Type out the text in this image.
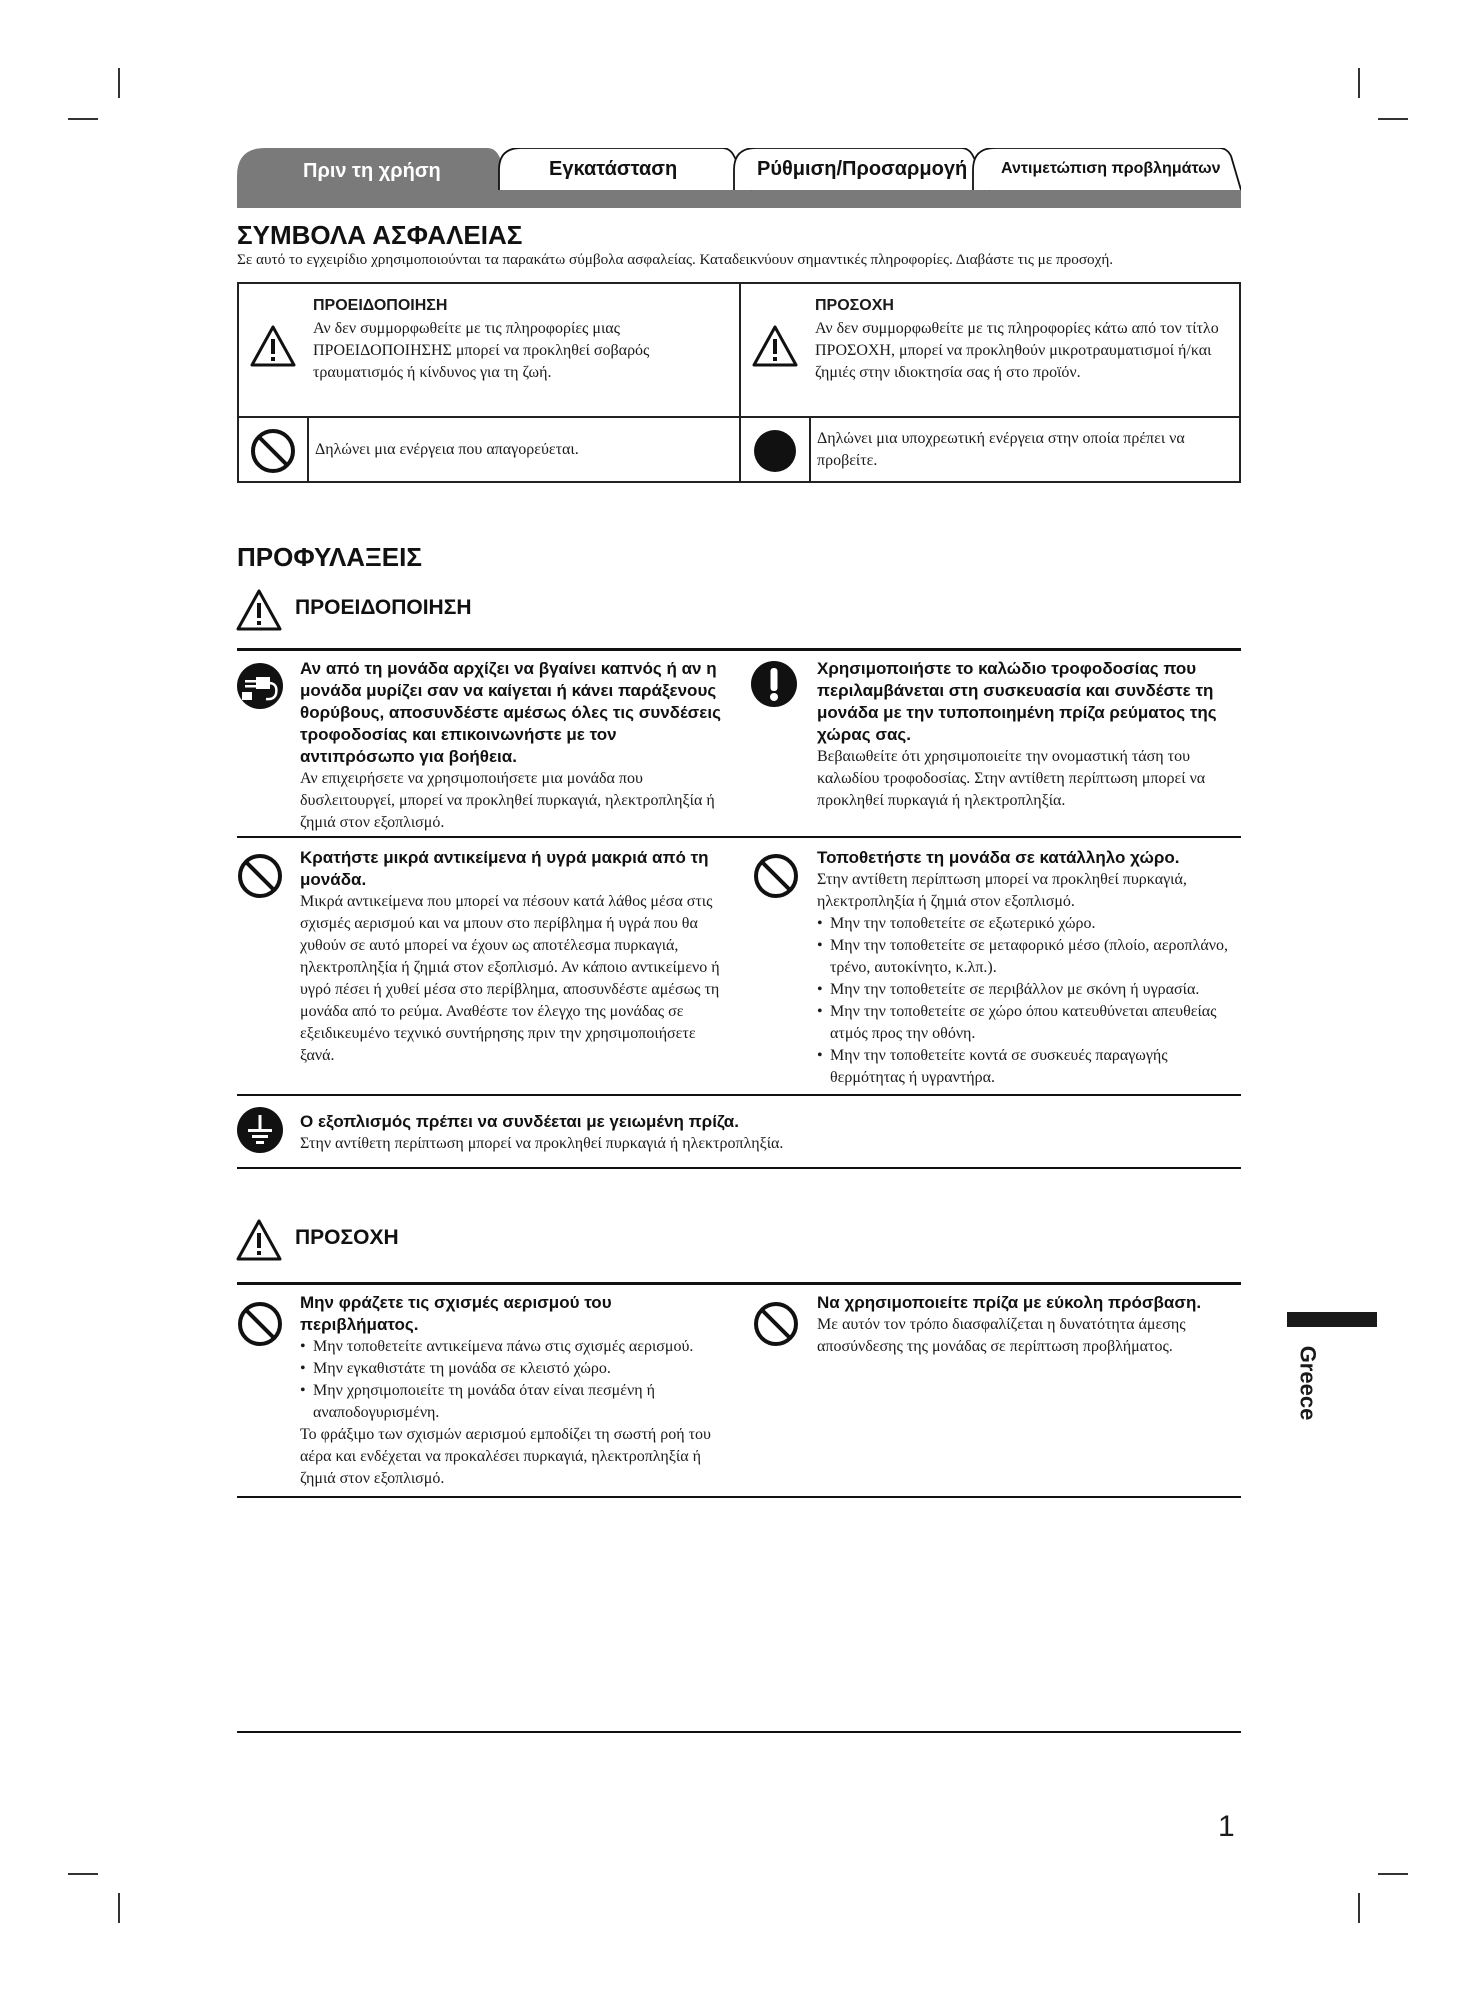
Πριν τη χρήση	Εγκατάσταση	Ρύθμιση/Προσαρμογή Αντιμετώπιση προβλημάτων
ΣΥΜΒΟΛΑ ΑΣΦΑΛΕΙΑΣ
Σε αυτό το εγχειρίδιο χρησιμοποιούνται τα παρακάτω σύμβολα ασφαλείας. Καταδεικνύουν σημαντικές πληροφορίες. Διαβάστε τις με προσοχή.
ΠΡΟΕΙΔΟΠΟΙΗΣΗ
Αν δεν συμμορφωθείτε με τις πληροφορίες μιας ΠΡΟΕΙΔΟΠΟΙΗΣΗΣ μπορεί να προκληθεί σοβαρός τραυματισμός ή κίνδυνος για τη ζωή.
ΠΡΟΣΟΧΗ
Αν δεν συμμορφωθείτε με τις πληροφορίες κάτω από τον τίτλο ΠΡΟΣΟΧΗ, μπορεί να προκληθούν μικροτραυματισμοί ή/και ζημιές στην ιδιοκτησία σας ή στο προϊόν.
Δηλώνει μια ενέργεια που απαγορεύεται.
Δηλώνει μια υποχρεωτική ενέργεια στην οποία πρέπει να προβείτε.
ΠΡΟΦΥΛΑΞΕΙΣ
ΠΡΟΕΙΔΟΠΟΙΗΣΗ
Αν από τη μονάδα αρχίζει να βγαίνει καπνός ή αν η μονάδα μυρίζει σαν να καίγεται ή κάνει παράξενους θορύβους, αποσυνδέστε αμέσως όλες τις συνδέσεις τροφοδοσίας και επικοινωνήστε με τον αντιπρόσωπο για βοήθεια.
Αν επιχειρήσετε να χρησιμοποιήσετε μια μονάδα που δυσλειτουργεί, μπορεί να προκληθεί πυρκαγιά, ηλεκτροπληξία ή ζημιά στον εξοπλισμό.
Χρησιμοποιήστε το καλώδιο τροφοδοσίας που περιλαμβάνεται στη συσκευασία και συνδέστε τη μονάδα με την τυποποιημένη πρίζα ρεύματος της χώρας σας.
Βεβαιωθείτε ότι χρησιμοποιείτε την ονομαστική τάση του καλωδίου τροφοδοσίας. Στην αντίθετη περίπτωση μπορεί να προκληθεί πυρκαγιά ή ηλεκτροπληξία.
Κρατήστε μικρά αντικείμενα ή υγρά μακριά από τη μονάδα.
Μικρά αντικείμενα που μπορεί να πέσουν κατά λάθος μέσα στις σχισμές αερισμού και να μπουν στο περίβλημα ή υγρά που θα χυθούν σε αυτό μπορεί να έχουν ως αποτέλεσμα πυρκαγιά, ηλεκτροπληξία ή ζημιά στον εξοπλισμό. Αν κάποιο αντικείμενο ή υγρό πέσει ή χυθεί μέσα στο περίβλημα, αποσυνδέστε αμέσως τη μονάδα από το ρεύμα. Αναθέστε τον έλεγχο της μονάδας σε εξειδικευμένο τεχνικό συντήρησης πριν την χρησιμοποιήσετε ξανά.
Τοποθετήστε τη μονάδα σε κατάλληλο χώρο.
Στην αντίθετη περίπτωση μπορεί να προκληθεί πυρκαγιά, ηλεκτροπληξία ή ζημιά στον εξοπλισμό.
• Μην την τοποθετείτε σε εξωτερικό χώρο.
• Μην την τοποθετείτε σε μεταφορικό μέσο (πλοίο, αεροπλάνο, τρένο, αυτοκίνητο, κ.λπ.).
• Μην την τοποθετείτε σε περιβάλλον με σκόνη ή υγρασία.
• Μην την τοποθετείτε σε χώρο όπου κατευθύνεται απευθείας ατμός προς την οθόνη.
• Μην την τοποθετείτε κοντά σε συσκευές παραγωγής θερμότητας ή υγραντήρα.
Ο εξοπλισμός πρέπει να συνδέεται με γειωμένη πρίζα.
Στην αντίθετη περίπτωση μπορεί να προκληθεί πυρκαγιά ή ηλεκτροπληξία.
ΠΡΟΣΟΧΗ
Μην φράζετε τις σχισμές αερισμού του περιβλήματος.
• Μην τοποθετείτε αντικείμενα πάνω στις σχισμές αερισμού.
• Μην εγκαθιστάτε τη μονάδα σε κλειστό χώρο.
• Μην χρησιμοποιείτε τη μονάδα όταν είναι πεσμένη ή αναποδογυρισμένη.
Το φράξιμο των σχισμών αερισμού εμποδίζει τη σωστή ροή του αέρα και ενδέχεται να προκαλέσει πυρκαγιά, ηλεκτροπληξία ή ζημιά στον εξοπλισμό.
Να χρησιμοποιείτε πρίζα με εύκολη πρόσβαση.
Με αυτόν τον τρόπο διασφαλίζεται η δυνατότητα άμεσης αποσύνδεσης της μονάδας σε περίπτωση προβλήματος.	Greece
1
